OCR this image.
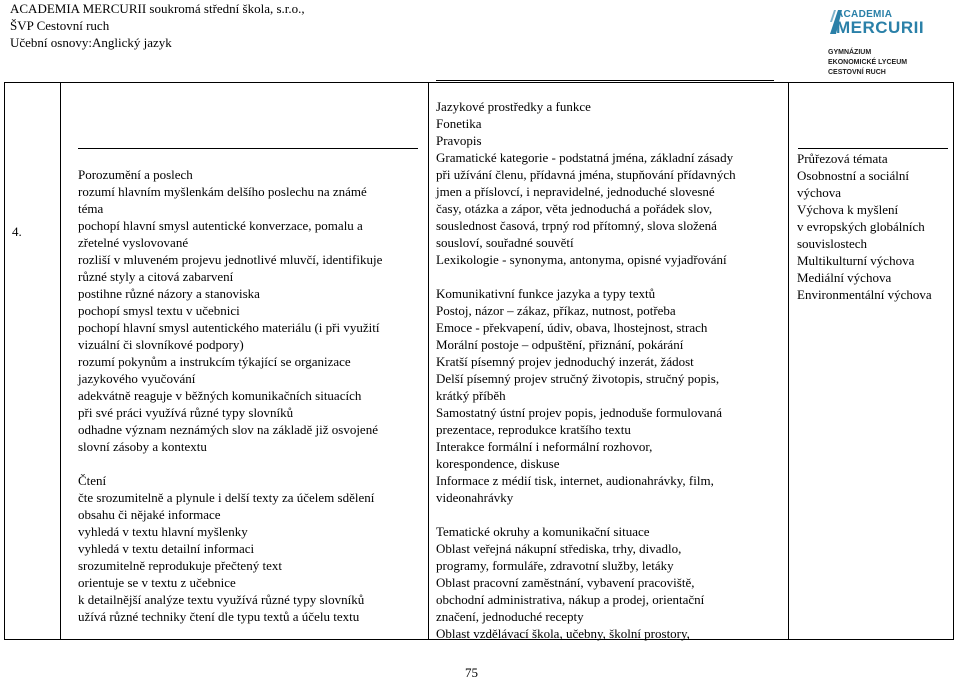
ACADEMIA MERCURII soukromá střední škola, s.r.o.,
ŠVP Cestovní ruch
Učební osnovy:Anglický jazyk
ACADEMIA
MERCURII
GYMNÁZIUM
EKONOMICKÉ LYCEUM
CESTOVNÍ RUCH
4.
Porozumění a poslech
rozumí hlavním myšlenkám delšího poslechu na známé
téma
pochopí hlavní smysl autentické konverzace, pomalu a
zřetelné vyslovované
rozliší v mluveném projevu jednotlivé mluvčí, identifikuje
různé styly a citová zabarvení
postihne různé názory a stanoviska
pochopí smysl textu v učebnici
pochopí hlavní smysl autentického materiálu (i při využití
vizuální či slovníkové podpory)
rozumí pokynům a instrukcím týkající se organizace
jazykového vyučování
adekvátně reaguje v běžných komunikačních situacích
při své práci využívá různé typy slovníků
odhadne význam neznámých slov na základě již osvojené
slovní zásoby a kontextu
Čtení
čte srozumitelně a plynule i delší texty za účelem sdělení
obsahu či nějaké informace
vyhledá v textu hlavní myšlenky
vyhledá v textu detailní informaci
srozumitelně reprodukuje přečtený text
orientuje se v textu z učebnice
k detailnější analýze textu využívá různé typy slovníků
užívá různé techniky čtení dle typu textů a účelu textu
Jazykové prostředky a funkce
Fonetika
Pravopis
Gramatické kategorie - podstatná jména, základní zásady
při užívání členu, přídavná jména, stupňování přídavných
jmen a příslovcí, i nepravidelné, jednoduché slovesné
časy, otázka a zápor, věta jednoduchá a pořádek slov,
souslednost časová, trpný rod přítomný, slova složená
sousloví, souřadné souvětí
Lexikologie - synonyma, antonyma, opisné vyjadřování
Komunikativní funkce jazyka a typy textů
Postoj, názor – zákaz, příkaz, nutnost, potřeba
Emoce - překvapení, údiv, obava, lhostejnost, strach
Morální postoje – odpuštění, přiznání, pokárání
Kratší písemný projev jednoduchý inzerát, žádost
Delší písemný projev stručný životopis, stručný popis,
krátký příběh
Samostatný ústní projev popis, jednoduše formulovaná
prezentace, reprodukce kratšího textu
Interakce formální i neformální rozhovor,
korespondence, diskuse
Informace z médií tisk, internet, audionahrávky, film,
videonahrávky
Tematické okruhy a komunikační situace
Oblast veřejná nákupní střediska, trhy, divadlo,
programy, formuláře, zdravotní služby, letáky
Oblast pracovní zaměstnání, vybavení pracoviště,
obchodní administrativa, nákup a prodej, orientační
značení, jednoduché recepty
Oblast vzdělávací škola, učebny, školní prostory,
Průřezová témata
Osobnostní a sociální
výchova
Výchova k myšlení
v evropských globálních
souvislostech
Multikulturní výchova
Mediální výchova
Environmentální výchova
75
